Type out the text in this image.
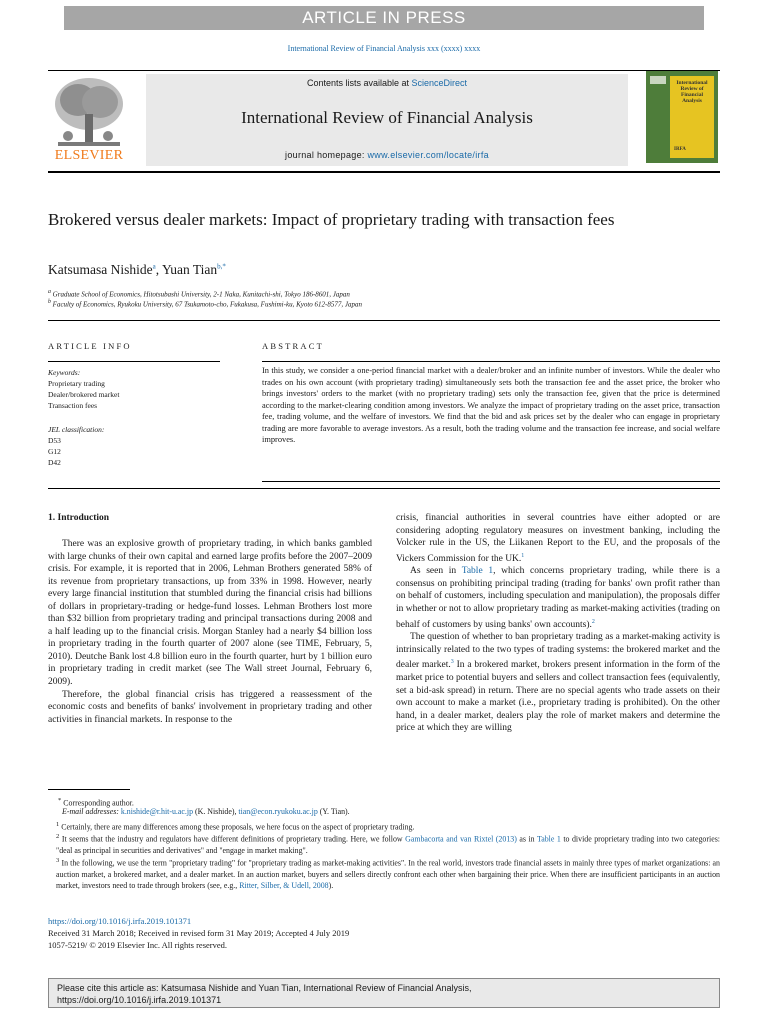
ARTICLE IN PRESS
International Review of Financial Analysis xxx (xxxx) xxxx
ELSEVIER
Contents lists available at ScienceDirect
International Review of Financial Analysis
journal homepage: www.elsevier.com/locate/irfa
International Review of Financial Analysis
IRFA
Brokered versus dealer markets: Impact of proprietary trading with transaction fees
Katsumasa Nishide$^a$, Yuan Tian$^{b,*}$
$^a$ Graduate School of Economics, Hitotsubashi University, 2-1 Naka, Kunitachi-shi, Tokyo 186-8601, Japan
$^b$ Faculty of Economics, Ryukoku University, 67 Tsukamoto-cho, Fukakusa, Fushimi-ku, Kyoto 612-8577, Japan
ARTICLE INFO	ABSTRACT
Keywords:
Proprietary trading
Dealer/brokered market
Transaction fees
JEL classification:
D53
G12
D42
In this study, we consider a one-period financial market with a dealer/broker and an infinite number of investors. While the dealer who trades on his own account (with proprietary trading) simultaneously sets both the transaction fee and the asset price, the broker who brings investors' orders to the market (with no proprietary trading) sets only the transaction fee, given that the price is determined according to the market-clearing condition among investors. We analyze the impact of proprietary trading on the asset price, transaction fee, trading volume, and the welfare of investors. We find that the bid and ask prices set by the dealer who can engage in proprietary trading are more favorable to average investors. As a result, both the trading volume and the transaction fee increase, and social welfare improves.
1. Introduction

There was an explosive growth of proprietary trading, in which banks gambled with large chunks of their own capital and earned large profits before the 2007–2009 crisis. For example, it is reported that in 2006, Lehman Brothers generated 58% of its revenue from proprietary transactions, up from 33% in 1998. However, nearly every large financial institution that stumbled during the financial crisis had billions of dollars in proprietary-trading or hedge-fund losses. Lehman Brothers lost more than $32 billion from proprietary trading and principal transactions during 2008 and a half leading up to the financial crisis. Morgan Stanley had a nearly $4 billion loss in proprietary trading in the fourth quarter of 2007 alone (see TIME, February, 5, 2010). Deutche Bank lost 4.8 billion euro in the fourth quarter, hurt by 1 billion euro in proprietary trading in credit market (see The Wall street Journal, February 6, 2009).

Therefore, the global financial crisis has triggered a reassessment of the economic costs and benefits of banks' involvement in proprietary trading and other activities in financial markets. In response to the

crisis, financial authorities in several countries have either adopted or are considering adopting regulatory measures on investment banking, including the Volcker rule in the US, the Liikanen Report to the EU, and the proposals of the Vickers Commission for the UK.$^1$

As seen in Table 1, which concerns proprietary trading, while there is a consensus on prohibiting principal trading (trading for banks' own profit rather than on behalf of customers, including speculation and manipulation), the proposals differ in whether or not to allow proprietary trading as market-making activities (trading on behalf of customers by using banks' own accounts).$^2$

The question of whether to ban proprietary trading as a market-making activity is intrinsically related to the two types of trading systems: the brokered market and the dealer market.$^3$ In a brokered market, brokers present information in the form of the market price to potential buyers and sellers and collect transaction fees (equivalently, set a bid-ask spread) in return. There are no special agents who trade assets on their own account to make a market (i.e., proprietary trading is prohibited). On the other hand, in a dealer market, dealers play the role of market makers and determine the price at which they are willing

* Corresponding author.
E-mail addresses: k.nishide@r.hit-u.ac.jp (K. Nishide), tian@econ.ryukoku.ac.jp (Y. Tian).
$^1$ Certainly, there are many differences among these proposals, we here focus on the aspect of proprietary trading.
$^2$ It seems that the industry and regulators have different definitions of proprietary trading. Here, we follow Gambacorta and van Rixtel (2013) as in Table 1 to divide proprietary trading into two categories: "deal as principal in securities and derivatives" and "engage in market making".
$^3$ In the following, we use the term "proprietary trading" for "proprietary trading as market-making activities". In the real world, investors trade financial assets in mainly three types of market organizations: an auction market, a brokered market, and a dealer market. In an auction market, buyers and sellers directly confront each other when bargaining their price. When there are insufficient participants in an auction market, investors need to trade through brokers (see, e.g., Ritter, Silber, & Udell, 2008).
https://doi.org/10.1016/j.irfa.2019.101371
Received 31 March 2018; Received in revised form 31 May 2019; Accepted 4 July 2019
1057-5219/ © 2019 Elsevier Inc. All rights reserved.
Please cite this article as: Katsumasa Nishide and Yuan Tian, International Review of Financial Analysis,
https://doi.org/10.1016/j.irfa.2019.101371
